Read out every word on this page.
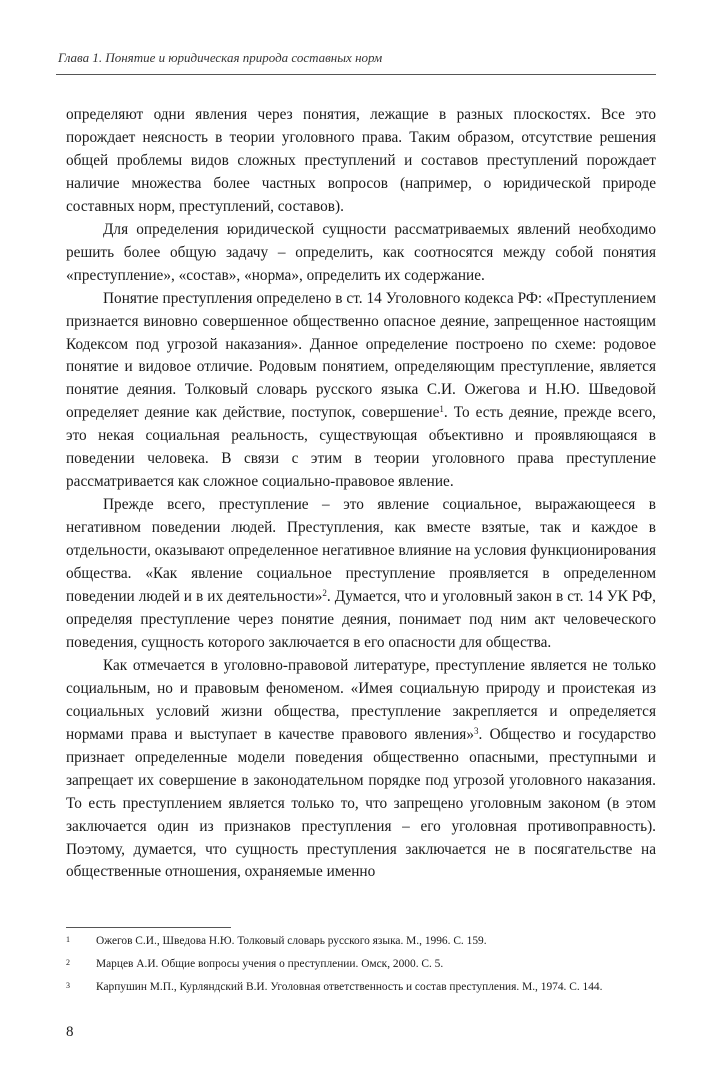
Глава 1. Понятие и юридическая природа составных норм

определяют одни явления через понятия, лежащие в разных плоскостях. Все это порождает неясность в теории уголовного права. Таким образом, отсутствие решения общей проблемы видов сложных преступлений и составов преступлений порождает наличие множества более частных вопросов (например, о юридической природе составных норм, преступлений, составов).

Для определения юридической сущности рассматриваемых явлений необходимо решить более общую задачу – определить, как соотносятся между собой понятия «преступление», «состав», «норма», определить их содержание.

Понятие преступления определено в ст. 14 Уголовного кодекса РФ: «Преступлением признается виновно совершенное общественно опасное деяние, запрещенное настоящим Кодексом под угрозой наказания». Данное определение построено по схеме: родовое понятие и видовое отличие. Родовым понятием, определяющим преступление, является понятие деяния. Толковый словарь русского языка С.И. Ожегова и Н.Ю. Шведовой определяет деяние как действие, поступок, совершение$^1$. То есть деяние, прежде всего, это некая социальная реальность, существующая объективно и проявляющаяся в поведении человека. В связи с этим в теории уголовного права преступление рассматривается как сложное социально-правовое явление.

Прежде всего, преступление – это явление социальное, выражающееся в негативном поведении людей. Преступления, как вместе взятые, так и каждое в отдельности, оказывают определенное негативное влияние на условия функционирования общества. «Как явление социальное преступление проявляется в определенном поведении людей и в их деятельности»$^2$. Думается, что и уголовный закон в ст. 14 УК РФ, определяя преступление через понятие деяния, понимает под ним акт человеческого поведения, сущность которого заключается в его опасности для общества.

Как отмечается в уголовно-правовой литературе, преступление является не только социальным, но и правовым феноменом. «Имея социальную природу и проистекая из социальных условий жизни общества, преступление закрепляется и определяется нормами права и выступает в качестве правового явления»$^3$. Общество и государство признает определенные модели поведения общественно опасными, преступными и запрещает их совершение в законодательном порядке под угрозой уголовного наказания. То есть преступлением является только то, что запрещено уголовным законом (в этом заключается один из признаков преступления – его уголовная противоправность). Поэтому, думается, что сущность преступления заключается не в посягательстве на общественные отношения, охраняемые именно

1 Ожегов С.И., Шведова Н.Ю. Толковый словарь русского языка. М., 1996. С. 159.
2 Марцев А.И. Общие вопросы учения о преступлении. Омск, 2000. С. 5.
3 Карпушин М.П., Курляндский В.И. Уголовная ответственность и состав преступления. М., 1974. С. 144.
8
